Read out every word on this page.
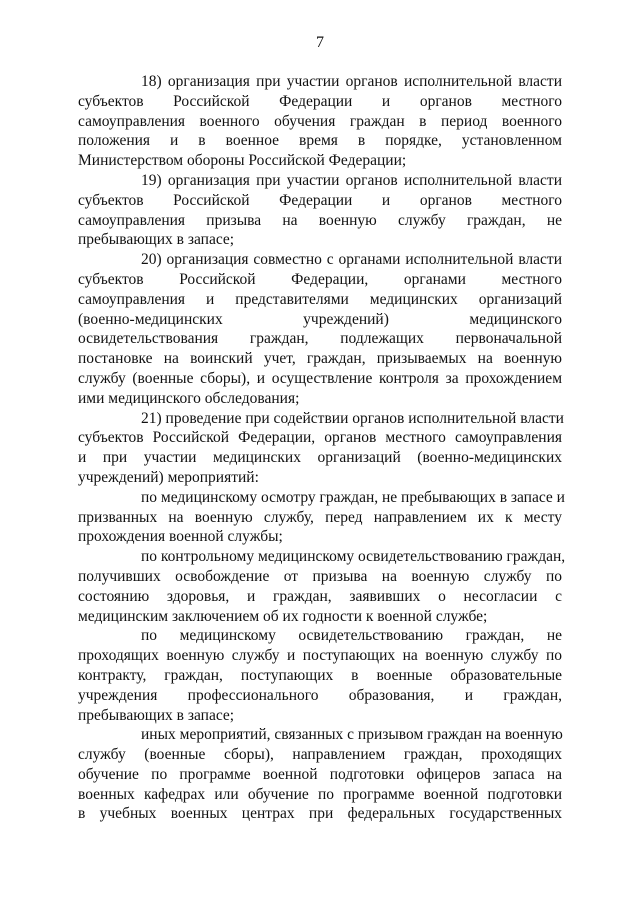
7

18) организация при участии органов исполнительной власти
субъектов Российской Федерации и органов местного
самоуправления военного обучения граждан в период военного
положения и в военное время в порядке, установленном
Министерством обороны Российской Федерации;

19) организация при участии органов исполнительной власти
субъектов Российской Федерации и органов местного
самоуправления призыва на военную службу граждан, не
пребывающих в запасе;

20) организация совместно с органами исполнительной власти
субъектов Российской Федерации, органами местного
самоуправления и представителями медицинских организаций
(военно-медицинских учреждений) медицинского
освидетельствования граждан, подлежащих первоначальной
постановке на воинский учет, граждан, призываемых на военную
службу (военные сборы), и осуществление контроля за прохождением
ими медицинского обследования;

21) проведение при содействии органов исполнительной власти
субъектов Российской Федерации, органов местного самоуправления
и при участии медицинских организаций (военно-медицинских
учреждений) мероприятий:

по медицинскому осмотру граждан, не пребывающих в запасе и
призванных на военную службу, перед направлением их к месту
прохождения военной службы;

по контрольному медицинскому освидетельствованию граждан,
получивших освобождение от призыва на военную службу по
состоянию здоровья, и граждан, заявивших о несогласии с
медицинским заключением об их годности к военной службе;

по медицинскому освидетельствованию граждан, не
проходящих военную службу и поступающих на военную службу по
контракту, граждан, поступающих в военные образовательные
учреждения профессионального образования, и граждан,
пребывающих в запасе;

иных мероприятий, связанных с призывом граждан на военную
службу (военные сборы), направлением граждан, проходящих
обучение по программе военной подготовки офицеров запаса на
военных кафедрах или обучение по программе военной подготовки
в учебных военных центрах при федеральных государственных
